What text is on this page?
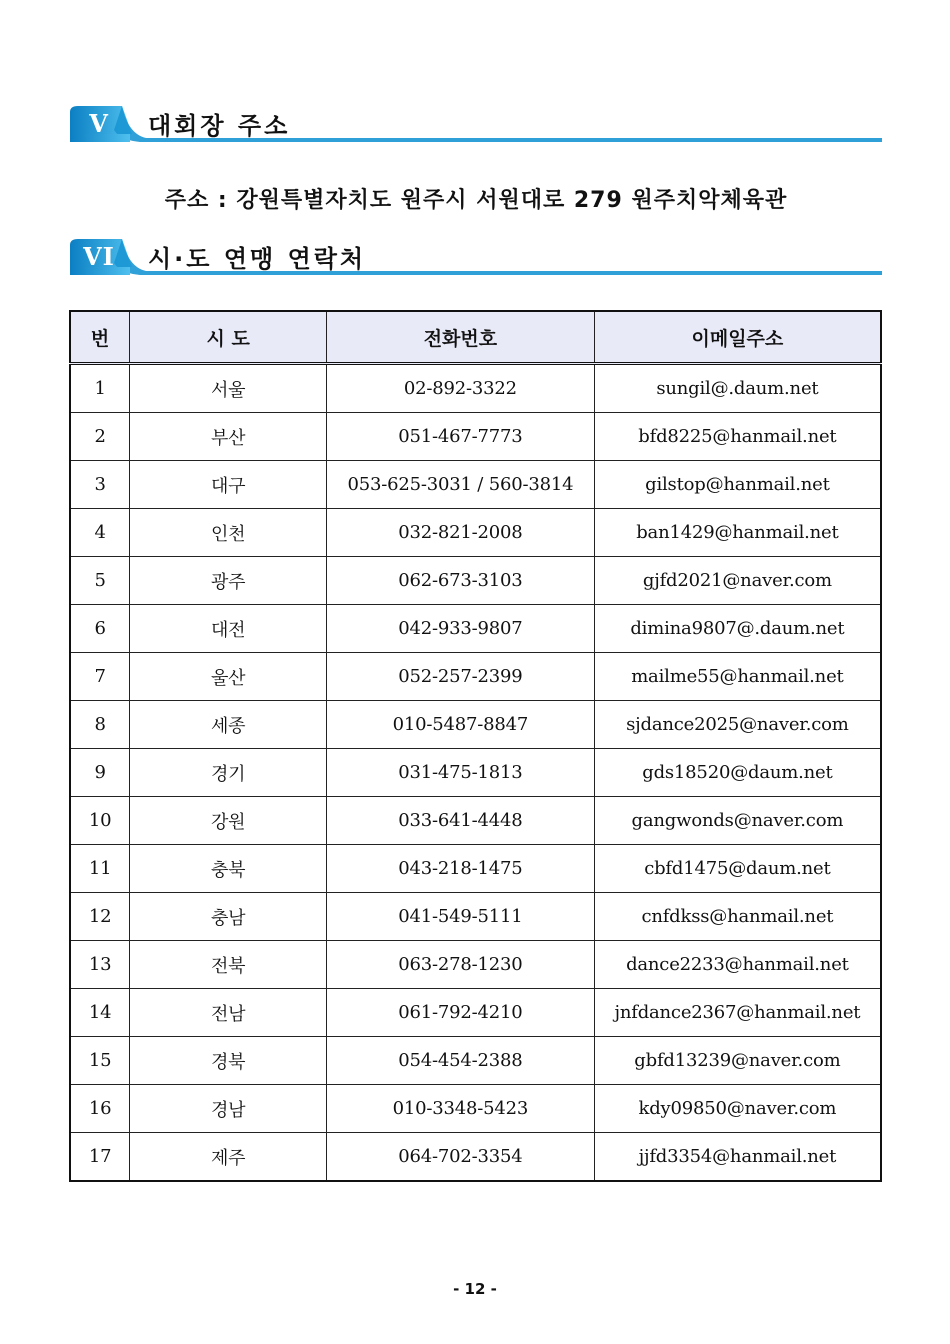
V	대회장 주소
주소 : 강원특별자치도 원주시 서원대로 279 원주치악체육관
VI	시·도 연맹 연락처
번	시 도	전화번호	이메일주소
1	서울	02-892-3322	sungil@.daum.net
2	부산	051-467-7773	bfd8225@hanmail.net
3	대구	053-625-3031 / 560-3814	gilstop@hanmail.net
4	인천	032-821-2008	ban1429@hanmail.net
5	광주	062-673-3103	gjfd2021@naver.com
6	대전	042-933-9807	dimina9807@.daum.net
7	울산	052-257-2399	mailme55@hanmail.net
8	세종	010-5487-8847	sjdance2025@naver.com
9	경기	031-475-1813	gds18520@daum.net
10	강원	033-641-4448	gangwonds@naver.com
11	충북	043-218-1475	cbfd1475@daum.net
12	충남	041-549-5111	cnfdkss@hanmail.net
13	전북	063-278-1230	dance2233@hanmail.net
14	전남	061-792-4210	jnfdance2367@hanmail.net
15	경북	054-454-2388	gbfd13239@naver.com
16	경남	010-3348-5423	kdy09850@naver.com
17	제주	064-702-3354	jjfd3354@hanmail.net
- 12 -
